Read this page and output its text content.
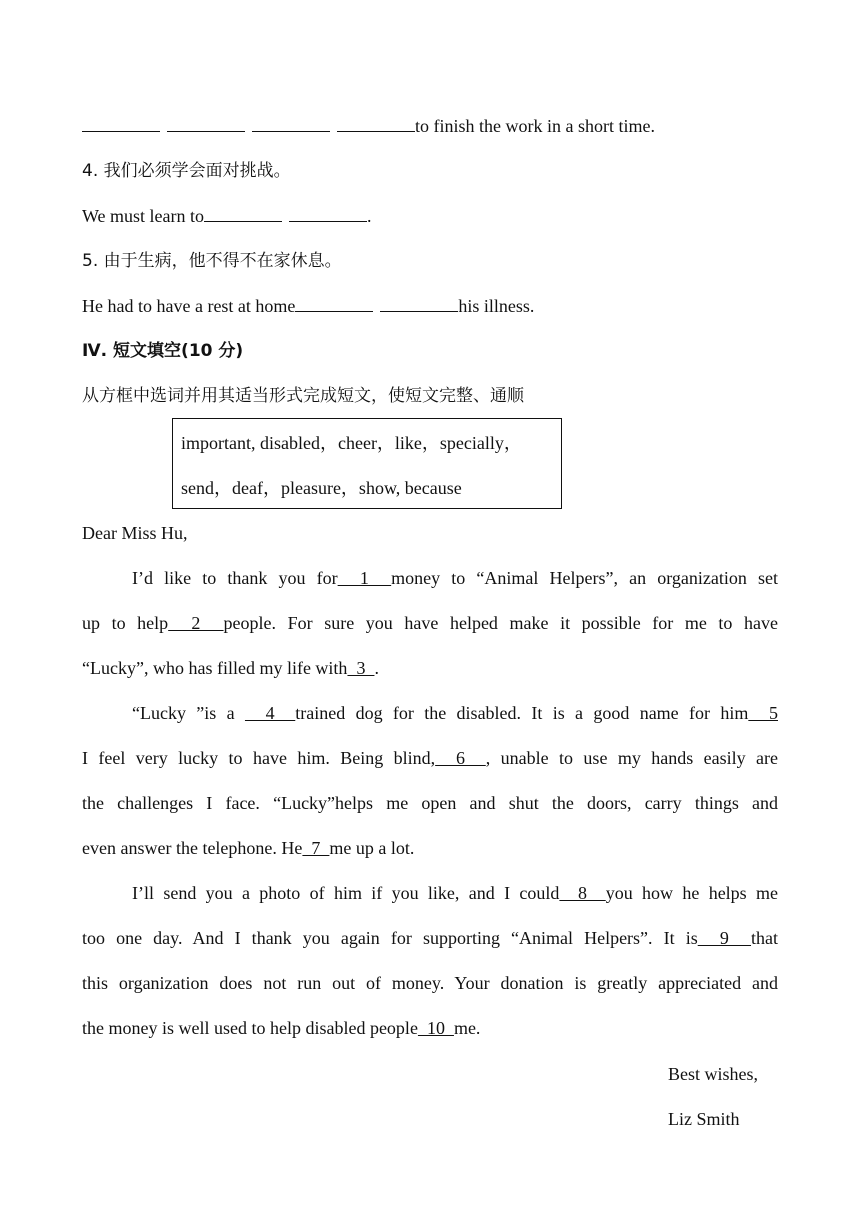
to finish the work in a short time.
4. 我们必须学会面对挑战。
We must learn to	.
5. 由于生病，他不得不在家休息。
He had to have a rest at home	his illness.
Ⅳ. 短文填空(10 分)
从方框中选词并用其适当形式完成短文，使短文完整、通顺
important, disabled，cheer，like，specially，
send，deaf，pleasure，show, because
Dear Miss Hu,
I’d like to thank you for  1  money to “Animal Helpers”, an organization set
up to help  2  people. For sure you have helped make it possible for me to have
“Lucky”, who has filled my life with  3  .
“Lucky ”is a   4  trained dog for the disabled. It is a good name for him  5
I feel very lucky to have him. Being blind,  6  , unable to use my hands easily are
the challenges I face. “Lucky”helps me open and shut the doors, carry things and
even answer the telephone. He  7  me up a lot.
I’ll send you a photo of him if you like, and I could  8  you how he helps me
too one day. And I thank you again for supporting “Animal Helpers”. It is  9  that
this organization does not run out of money. Your donation is greatly appreciated and
the money is well used to help disabled people  10  me.
Best wishes,
Liz Smith
